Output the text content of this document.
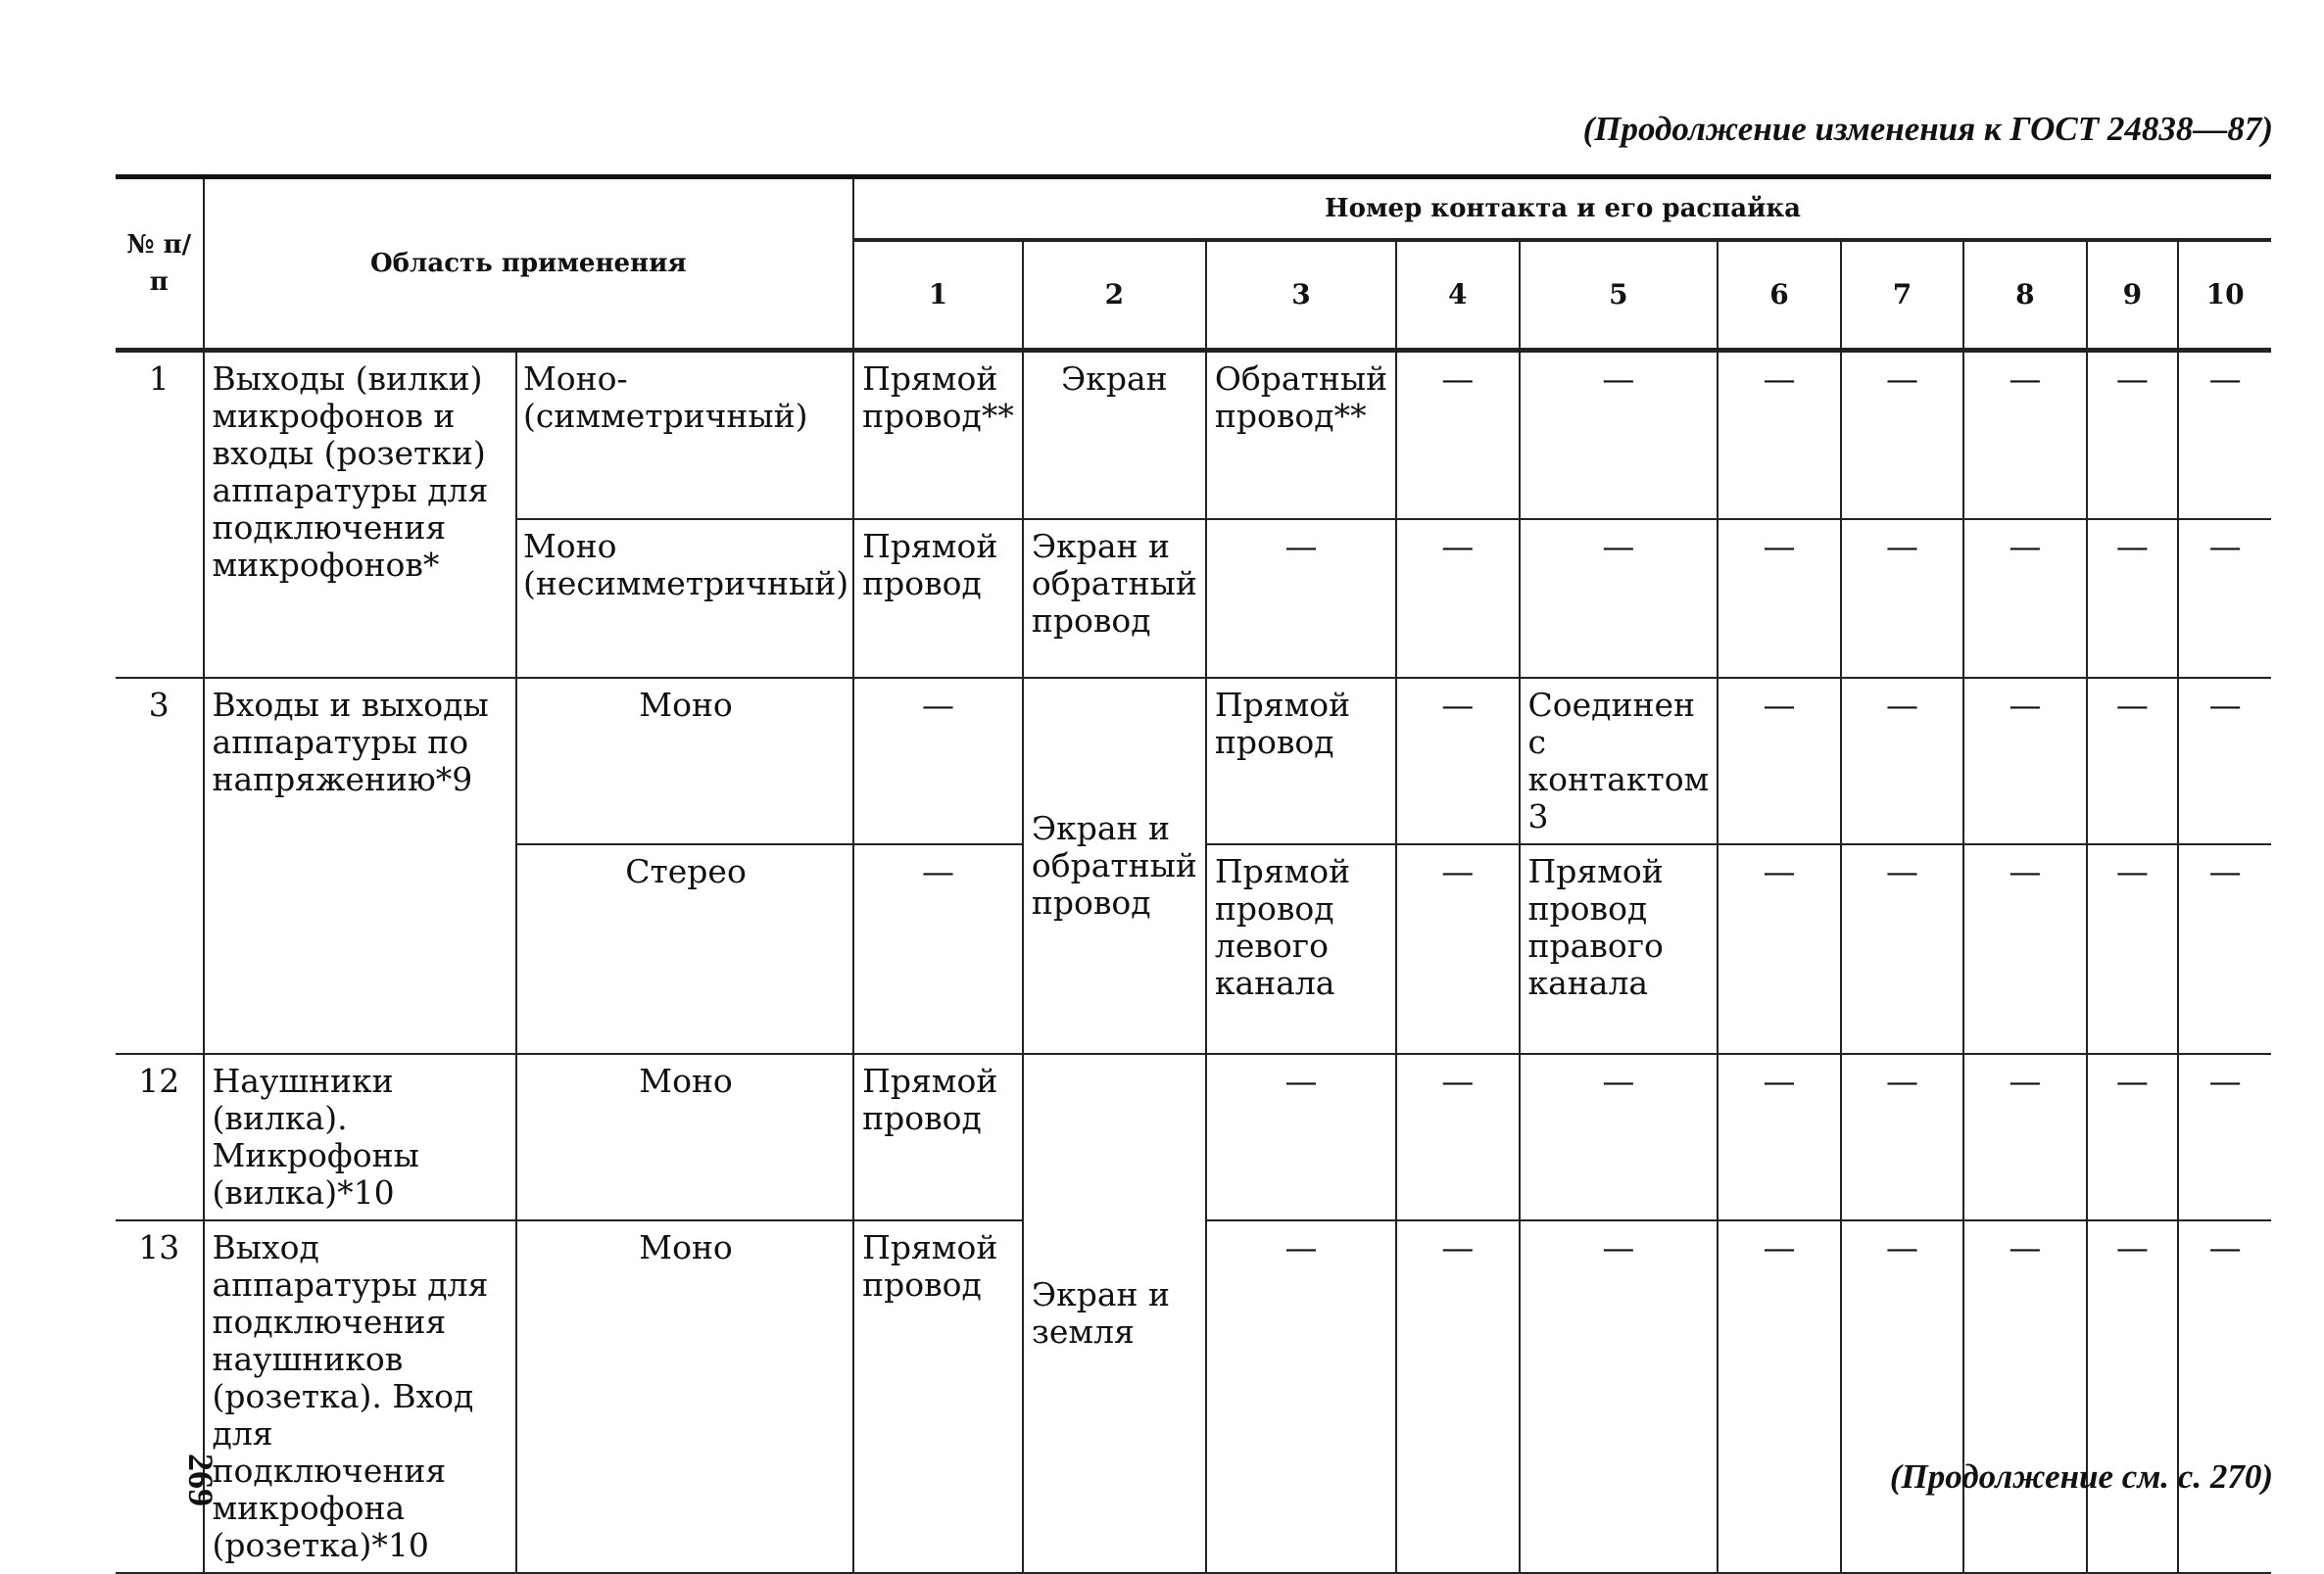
(Продолжение изменения к ГОСТ 24838—87)
№ п/п	Область применения		Номер контакта и его распайка									
			1	2	3	4	5	6	7	8	9	10
1	Выходы (вилки) микрофонов и входы (розетки) аппаратуры для подключения микрофонов*	Моно- (симметричный)	Прямой провод**	Экран	Обратный провод**	—	—	—	—	—	—	—
		Моно (несимметричный)	Прямой провод	Экран и обратный провод	—	—	—	—	—	—	—	—
3	Входы и выходы аппаратуры по напряжению*9	Моно	—	Экран и обратный провод	Прямой провод	—	Соединен с контактом 3	—	—	—	—	—
		Стерео	—		Прямой провод левого канала	—	Прямой провод правого канала	—	—	—	—	—
12	Наушники (вилка). Микрофоны (вилка)*10	Моно	Прямой провод	Экран и земля	—	—	—	—	—	—	—	—
13	Выход аппаратуры для подключения наушников (розетка). Вход для подключения микрофона (розетка)*10	Моно	Прямой провод		—	—	—	—	—	—	—	—
269	(Продолжение см. с. 270)
